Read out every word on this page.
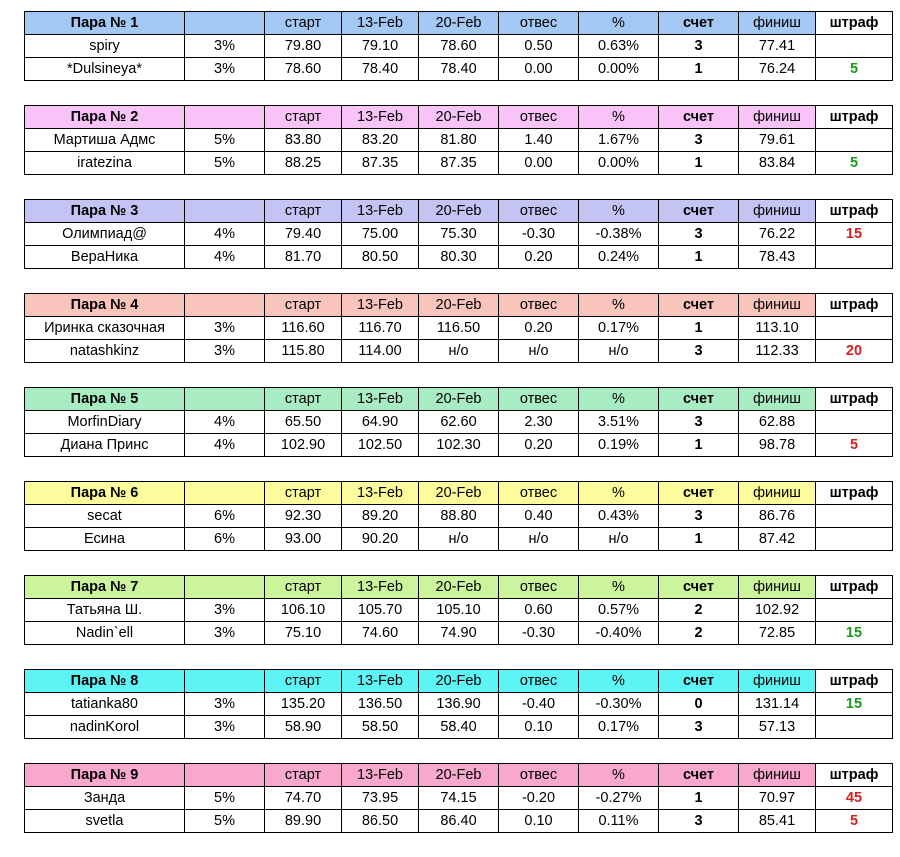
Пара № 1		старт	13-Feb	20-Feb	отвес	%	счет	финиш	штраф
spiry	3%	79.80	79.10	78.60	0.50	0.63%	3	77.41	
*Dulsineya*	3%	78.60	78.40	78.40	0.00	0.00%	1	76.24	5
Пара № 2		старт	13-Feb	20-Feb	отвес	%	счет	финиш	штраф
Мартиша Адмс	5%	83.80	83.20	81.80	1.40	1.67%	3	79.61	
iratezina	5%	88.25	87.35	87.35	0.00	0.00%	1	83.84	5
Пара № 3		старт	13-Feb	20-Feb	отвес	%	счет	финиш	штраф
Олимпиад@	4%	79.40	75.00	75.30	-0.30	-0.38%	3	76.22	15
ВераНика	4%	81.70	80.50	80.30	0.20	0.24%	1	78.43	
Пара № 4		старт	13-Feb	20-Feb	отвес	%	счет	финиш	штраф
Иринка сказочная	3%	116.60	116.70	116.50	0.20	0.17%	1	113.10	
natashkinz	3%	115.80	114.00	н/о	н/о	н/о	3	112.33	20
Пара № 5		старт	13-Feb	20-Feb	отвес	%	счет	финиш	штраф
MorfinDiary	4%	65.50	64.90	62.60	2.30	3.51%	3	62.88	
Диана Принс	4%	102.90	102.50	102.30	0.20	0.19%	1	98.78	5
Пара № 6		старт	13-Feb	20-Feb	отвес	%	счет	финиш	штраф
secat	6%	92.30	89.20	88.80	0.40	0.43%	3	86.76	
Есина	6%	93.00	90.20	н/о	н/о	н/о	1	87.42	
Пара № 7		старт	13-Feb	20-Feb	отвес	%	счет	финиш	штраф
Татьяна Ш.	3%	106.10	105.70	105.10	0.60	0.57%	2	102.92	
Nadin`ell	3%	75.10	74.60	74.90	-0.30	-0.40%	2	72.85	15
Пара № 8		старт	13-Feb	20-Feb	отвес	%	счет	финиш	штраф
tatianka80	3%	135.20	136.50	136.90	-0.40	-0.30%	0	131.14	15
nadinKorol	3%	58.90	58.50	58.40	0.10	0.17%	3	57.13	
Пара № 9		старт	13-Feb	20-Feb	отвес	%	счет	финиш	штраф
Занда	5%	74.70	73.95	74.15	-0.20	-0.27%	1	70.97	45
svetla	5%	89.90	86.50	86.40	0.10	0.11%	3	85.41	5
